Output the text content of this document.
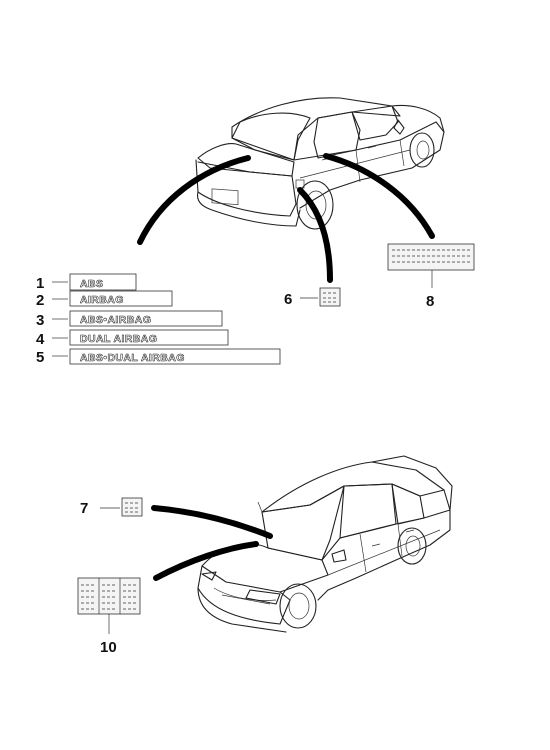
8
6
1	ABS
2	AIRBAG
3	ABS•AIRBAG
4	DUAL AIRBAG
5	ABS•DUAL AIRBAG
7
10
